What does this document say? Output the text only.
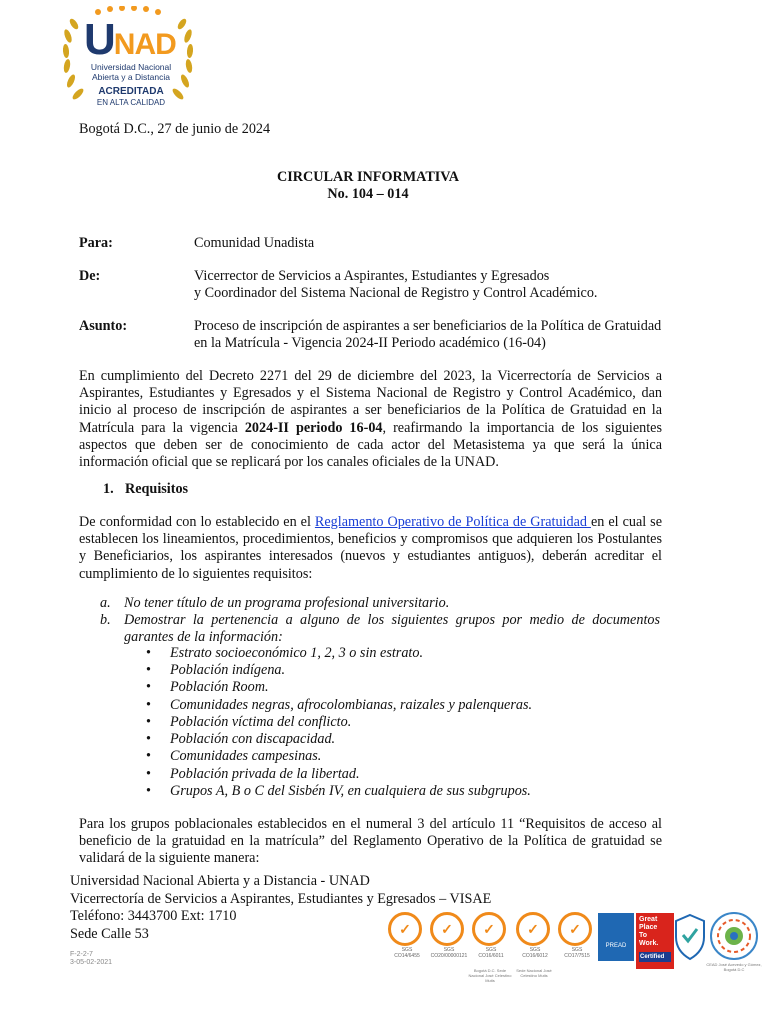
UNAD
Universidad Nacional
Abierta y a Distancia
ACREDITADA
EN ALTA CALIDAD
Bogotá D.C., 27 de junio de 2024
CIRCULAR INFORMATIVA
No. 104 – 014
Para:	Comunidad Unadista
De:	Vicerrector de Servicios a Aspirantes, Estudiantes y Egresados
y Coordinador del Sistema Nacional de Registro y Control Académico.
Asunto:	Proceso de inscripción de aspirantes a ser beneficiarios de la Política de Gratuidad
en la Matrícula - Vigencia 2024-II Periodo académico (16-04)
En cumplimiento del Decreto 2271 del 29 de diciembre del 2023, la Vicerrectoría de Servicios a Aspirantes, Estudiantes y Egresados y el Sistema Nacional de Registro y Control Académico, dan inicio al proceso de inscripción de aspirantes a ser beneficiarios de la Política de Gratuidad en la Matrícula para la vigencia 2024-II periodo 16-04, reafirmando la importancia de los siguientes aspectos que deben ser de conocimiento de cada actor del Metasistema ya que será la única información oficial que se replicará por los canales oficiales de la UNAD.
1. Requisitos
De conformidad con lo establecido en el Reglamento Operativo de Política de Gratuidad en el cual se establecen los lineamientos, procedimientos, beneficios y compromisos que adquieren los Postulantes y Beneficiarios, los aspirantes interesados (nuevos y estudiantes antiguos), deberán acreditar el cumplimiento de lo siguientes requisitos:
a. No tener título de un programa profesional universitario.
b. Demostrar la pertenencia a alguno de los siguientes grupos por medio de documentos garantes de la información:
• Estrato socioeconómico 1, 2, 3 o sin estrato.
• Población indígena.
• Población Room.
• Comunidades negras, afrocolombianas, raizales y palenqueras.
• Población víctima del conflicto.
• Población con discapacidad.
• Comunidades campesinas.
• Población privada de la libertad.
• Grupos A, B o C del Sisbén IV, en cualquiera de sus subgrupos.
Para los grupos poblacionales establecidos en el numeral 3 del artículo 11 “Requisitos de acceso al beneficio de la gratuidad en la matrícula” del Reglamento Operativo de la Política de gratuidad se validará de la siguiente manera:
Universidad Nacional Abierta y a Distancia - UNAD
Vicerrectoría de Servicios a Aspirantes, Estudiantes y Egresados – VISAE
Teléfono: 3443700 Ext: 1710
Sede Calle 53
F-2-2-7
3-05-02-2021
✓
SGS
CO14/6455
✓
SGS
CO20/00000121
✓
SGS
CO16/6011
Bogotá D.C. Sede Nacional José Celestino Mutis
✓
SGS
CO16/6012
Sede Nacional José Celestino Mutis
✓
SGS
CO17/7515
PREAD
Great
Place
To
Work.
Certified
CEAD José Acevedo y Gómez, Bogotá D.C
